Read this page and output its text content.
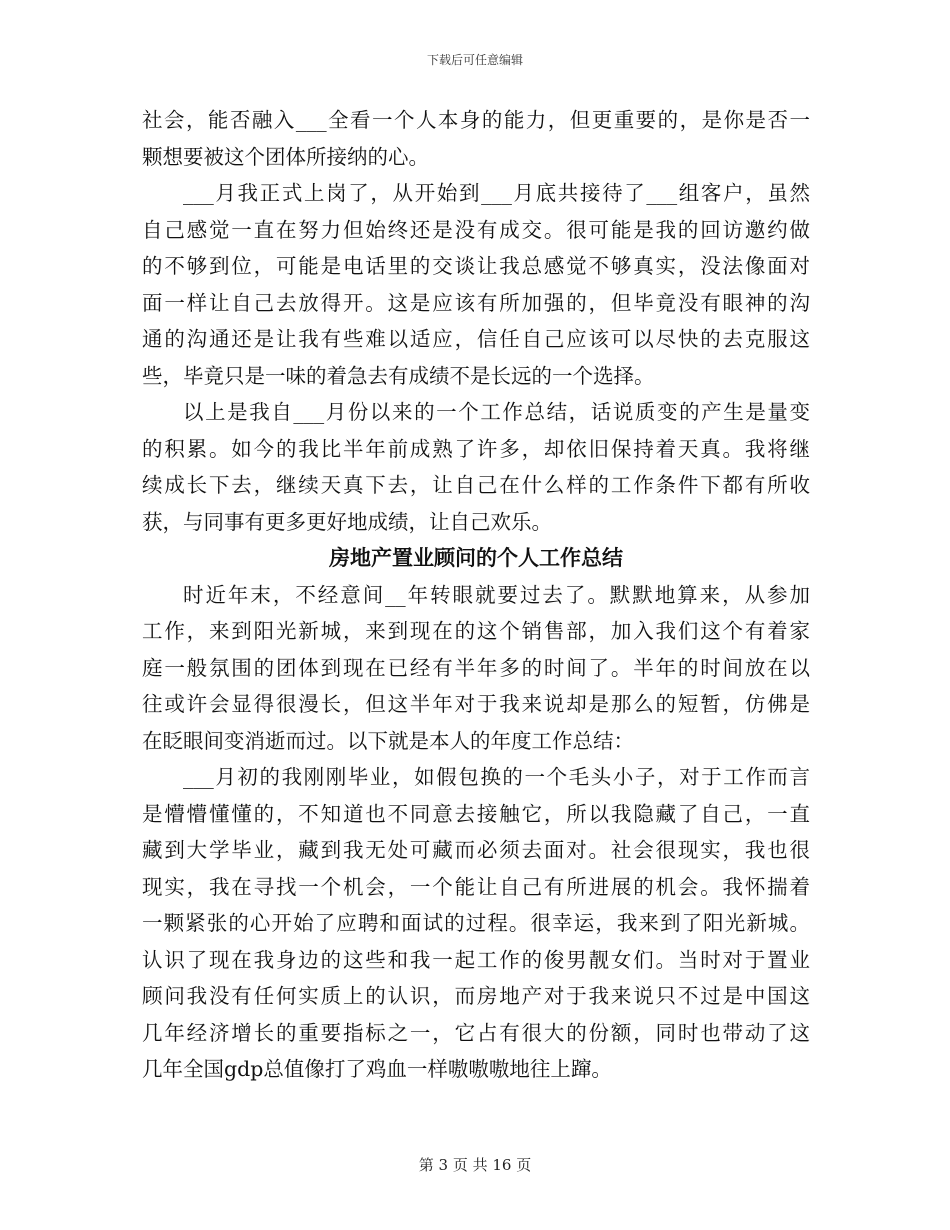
下载后可任意编辑
社会，能否融入___全看一个人本身的能力，但更重要的，是你是否一
颗想要被这个团体所接纳的心。
___月我正式上岗了，从开始到___月底共接待了___组客户，虽然
自己感觉一直在努力但始终还是没有成交。很可能是我的回访邀约做
的不够到位，可能是电话里的交谈让我总感觉不够真实，没法像面对
面一样让自己去放得开。这是应该有所加强的，但毕竟没有眼神的沟
通的沟通还是让我有些难以适应，信任自己应该可以尽快的去克服这
些，毕竟只是一味的着急去有成绩不是长远的一个选择。
以上是我自___月份以来的一个工作总结，话说质变的产生是量变
的积累。如今的我比半年前成熟了许多，却依旧保持着天真。我将继
续成长下去，继续天真下去，让自己在什么样的工作条件下都有所收
获，与同事有更多更好地成绩，让自己欢乐。
房地产置业顾问的个人工作总结
时近年末，不经意间__年转眼就要过去了。默默地算来，从参加
工作，来到阳光新城，来到现在的这个销售部，加入我们这个有着家
庭一般氛围的团体到现在已经有半年多的时间了。半年的时间放在以
往或许会显得很漫长，但这半年对于我来说却是那么的短暂，仿佛是
在眨眼间变消逝而过。以下就是本人的年度工作总结：
___月初的我刚刚毕业，如假包换的一个毛头小子，对于工作而言
是懵懵懂懂的，不知道也不同意去接触它，所以我隐藏了自己，一直
藏到大学毕业，藏到我无处可藏而必须去面对。社会很现实，我也很
现实，我在寻找一个机会，一个能让自己有所进展的机会。我怀揣着
一颗紧张的心开始了应聘和面试的过程。很幸运，我来到了阳光新城。
认识了现在我身边的这些和我一起工作的俊男靓女们。当时对于置业
顾问我没有任何实质上的认识，而房地产对于我来说只不过是中国这
几年经济增长的重要指标之一，它占有很大的份额，同时也带动了这
几年全国gdp总值像打了鸡血一样嗷嗷嗷地往上蹿。
第 3 页 共 16 页
